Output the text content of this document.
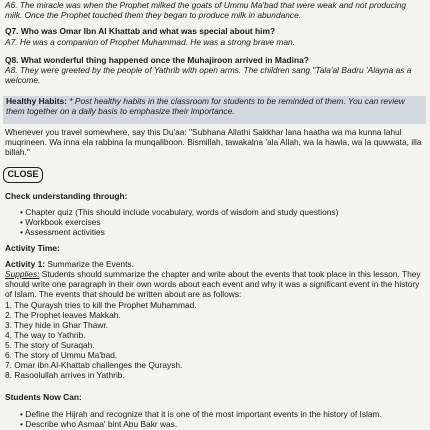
A6. The miracle was when the Prophet milked the goats of Ummu Ma'bad that were weak and not producing milk. Once the Prophet touched them they began to produce milk in abundance.
Q7. Who was Omar Ibn Al Khattab and what was special about him?
A7. He was a companion of Prophet Muhammad. He was a strong brave man.
Q8. What wonderful thing happened once the Muhajiroon arrived in Madina?
A8. They were greeted by the people of Yathrib with open arms. The children sang "Tala'al Badru 'Alayna as a welcome.
Healthy Habits: * Post healthy habits in the classroom for students to be reminded of them. You can review them together on a daily basis to emphasize their importance.
Whenever you travel somewhere, say this Du'aa: "Subhana Allathi Sakkhar lana haatha wa ma kunna lahul muqrineen. Wa inna ela rabbina la munqaliboon. Bismillah, tawakalna 'ala Allah, wa la hawla, wa la quwwata, illa billah."
CLOSE
Check understanding through:
• Chapter quiz (This should include vocabulary, words of wisdom and study questions)
• Workbook exercises
• Assessment activities
Activity Time:
Activity 1: Summarize the Events.
Supplies: Students should summarize the chapter and write about the events that took place in this lesson. They should write one paragraph in their own words about each event and why it was a significant event in the history of Islam. The events that should be written about are as follows:
1. The Quraysh tries to kill the Prophet Muhammad.
2. The Prophet leaves Makkah.
3. They hide in Ghar Thawr.
4. The way to Yathrib.
5. The story of Suraqah.
6. The story of Ummu Ma'bad.
7. Omar ibn Al-Khattab challenges the Quraysh.
8. Rasoolullah arrives in Yathrib.
Students Now Can:
• Define the Hijrah and recognize that it is one of the most important events in the history of Islam.
• Describe who Asmaa' bint Abu Bakr was.
